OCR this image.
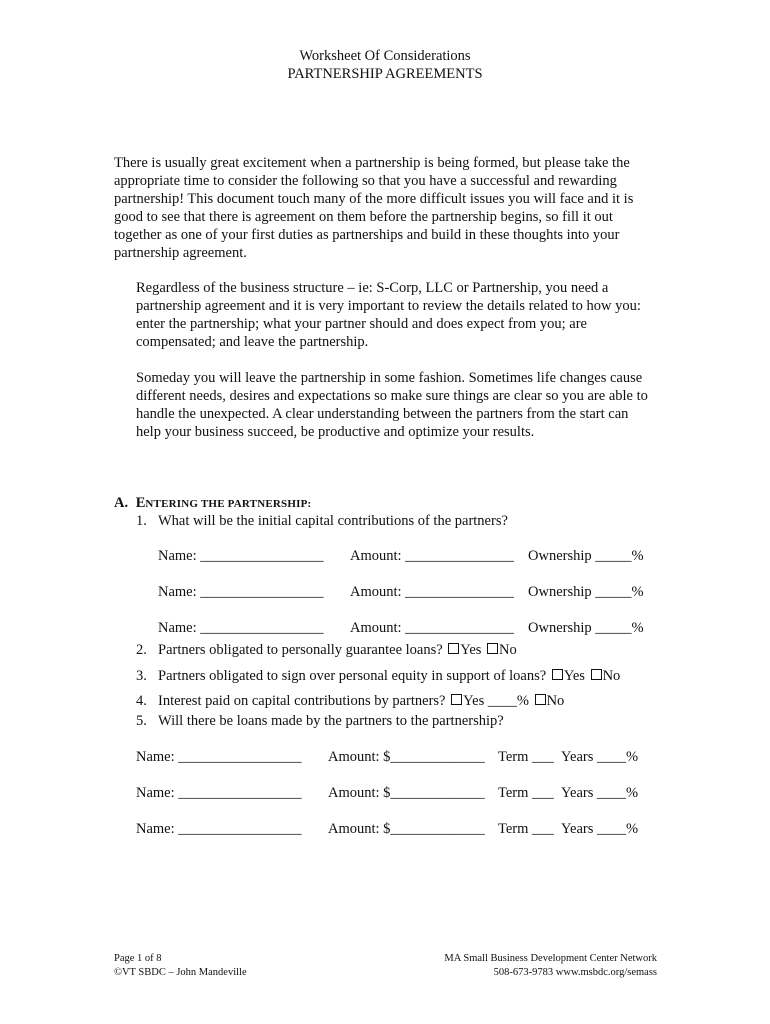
Worksheet Of Considerations
PARTNERSHIP AGREEMENTS
There is usually great excitement when a partnership is being formed, but please take the appropriate time to consider the following so that you have a successful and rewarding partnership! This document touch many of the more difficult issues you will face and it is good to see that there is agreement on them before the partnership begins, so fill it out together as one of your first duties as partnerships and build in these thoughts into your partnership agreement.
Regardless of the business structure – ie: S-Corp, LLC or Partnership, you need a partnership agreement and it is very important to review the details related to how you: enter the partnership; what your partner should and does expect from you; are compensated; and leave the partnership.
Someday you will leave the partnership in some fashion. Sometimes life changes cause different needs, desires and expectations so make sure things are clear so you are able to handle the unexpected. A clear understanding between the partners from the start can help your business succeed, be productive and optimize your results.
A. ENTERING THE PARTNERSHIP:
1. What will be the initial capital contributions of the partners?
Name: _________________ Amount: _______________ Ownership _____%
Name: _________________ Amount: _______________ Ownership _____%
Name: _________________ Amount: _______________ Ownership _____%
2. Partners obligated to personally guarantee loans? Yes No
3. Partners obligated to sign over personal equity in support of loans? Yes No
4. Interest paid on capital contributions by partners? Yes ____% No
5. Will there be loans made by the partners to the partnership?
Name: _________________ Amount: $_____________ Term ___ Years ____%
Name: _________________ Amount: $_____________ Term ___ Years ____%
Name: _________________ Amount: $_____________ Term ___ Years ____%
Page 1 of 8
©VT SBDC – John Mandeville
MA Small Business Development Center Network
508-673-9783 www.msbdc.org/semass
